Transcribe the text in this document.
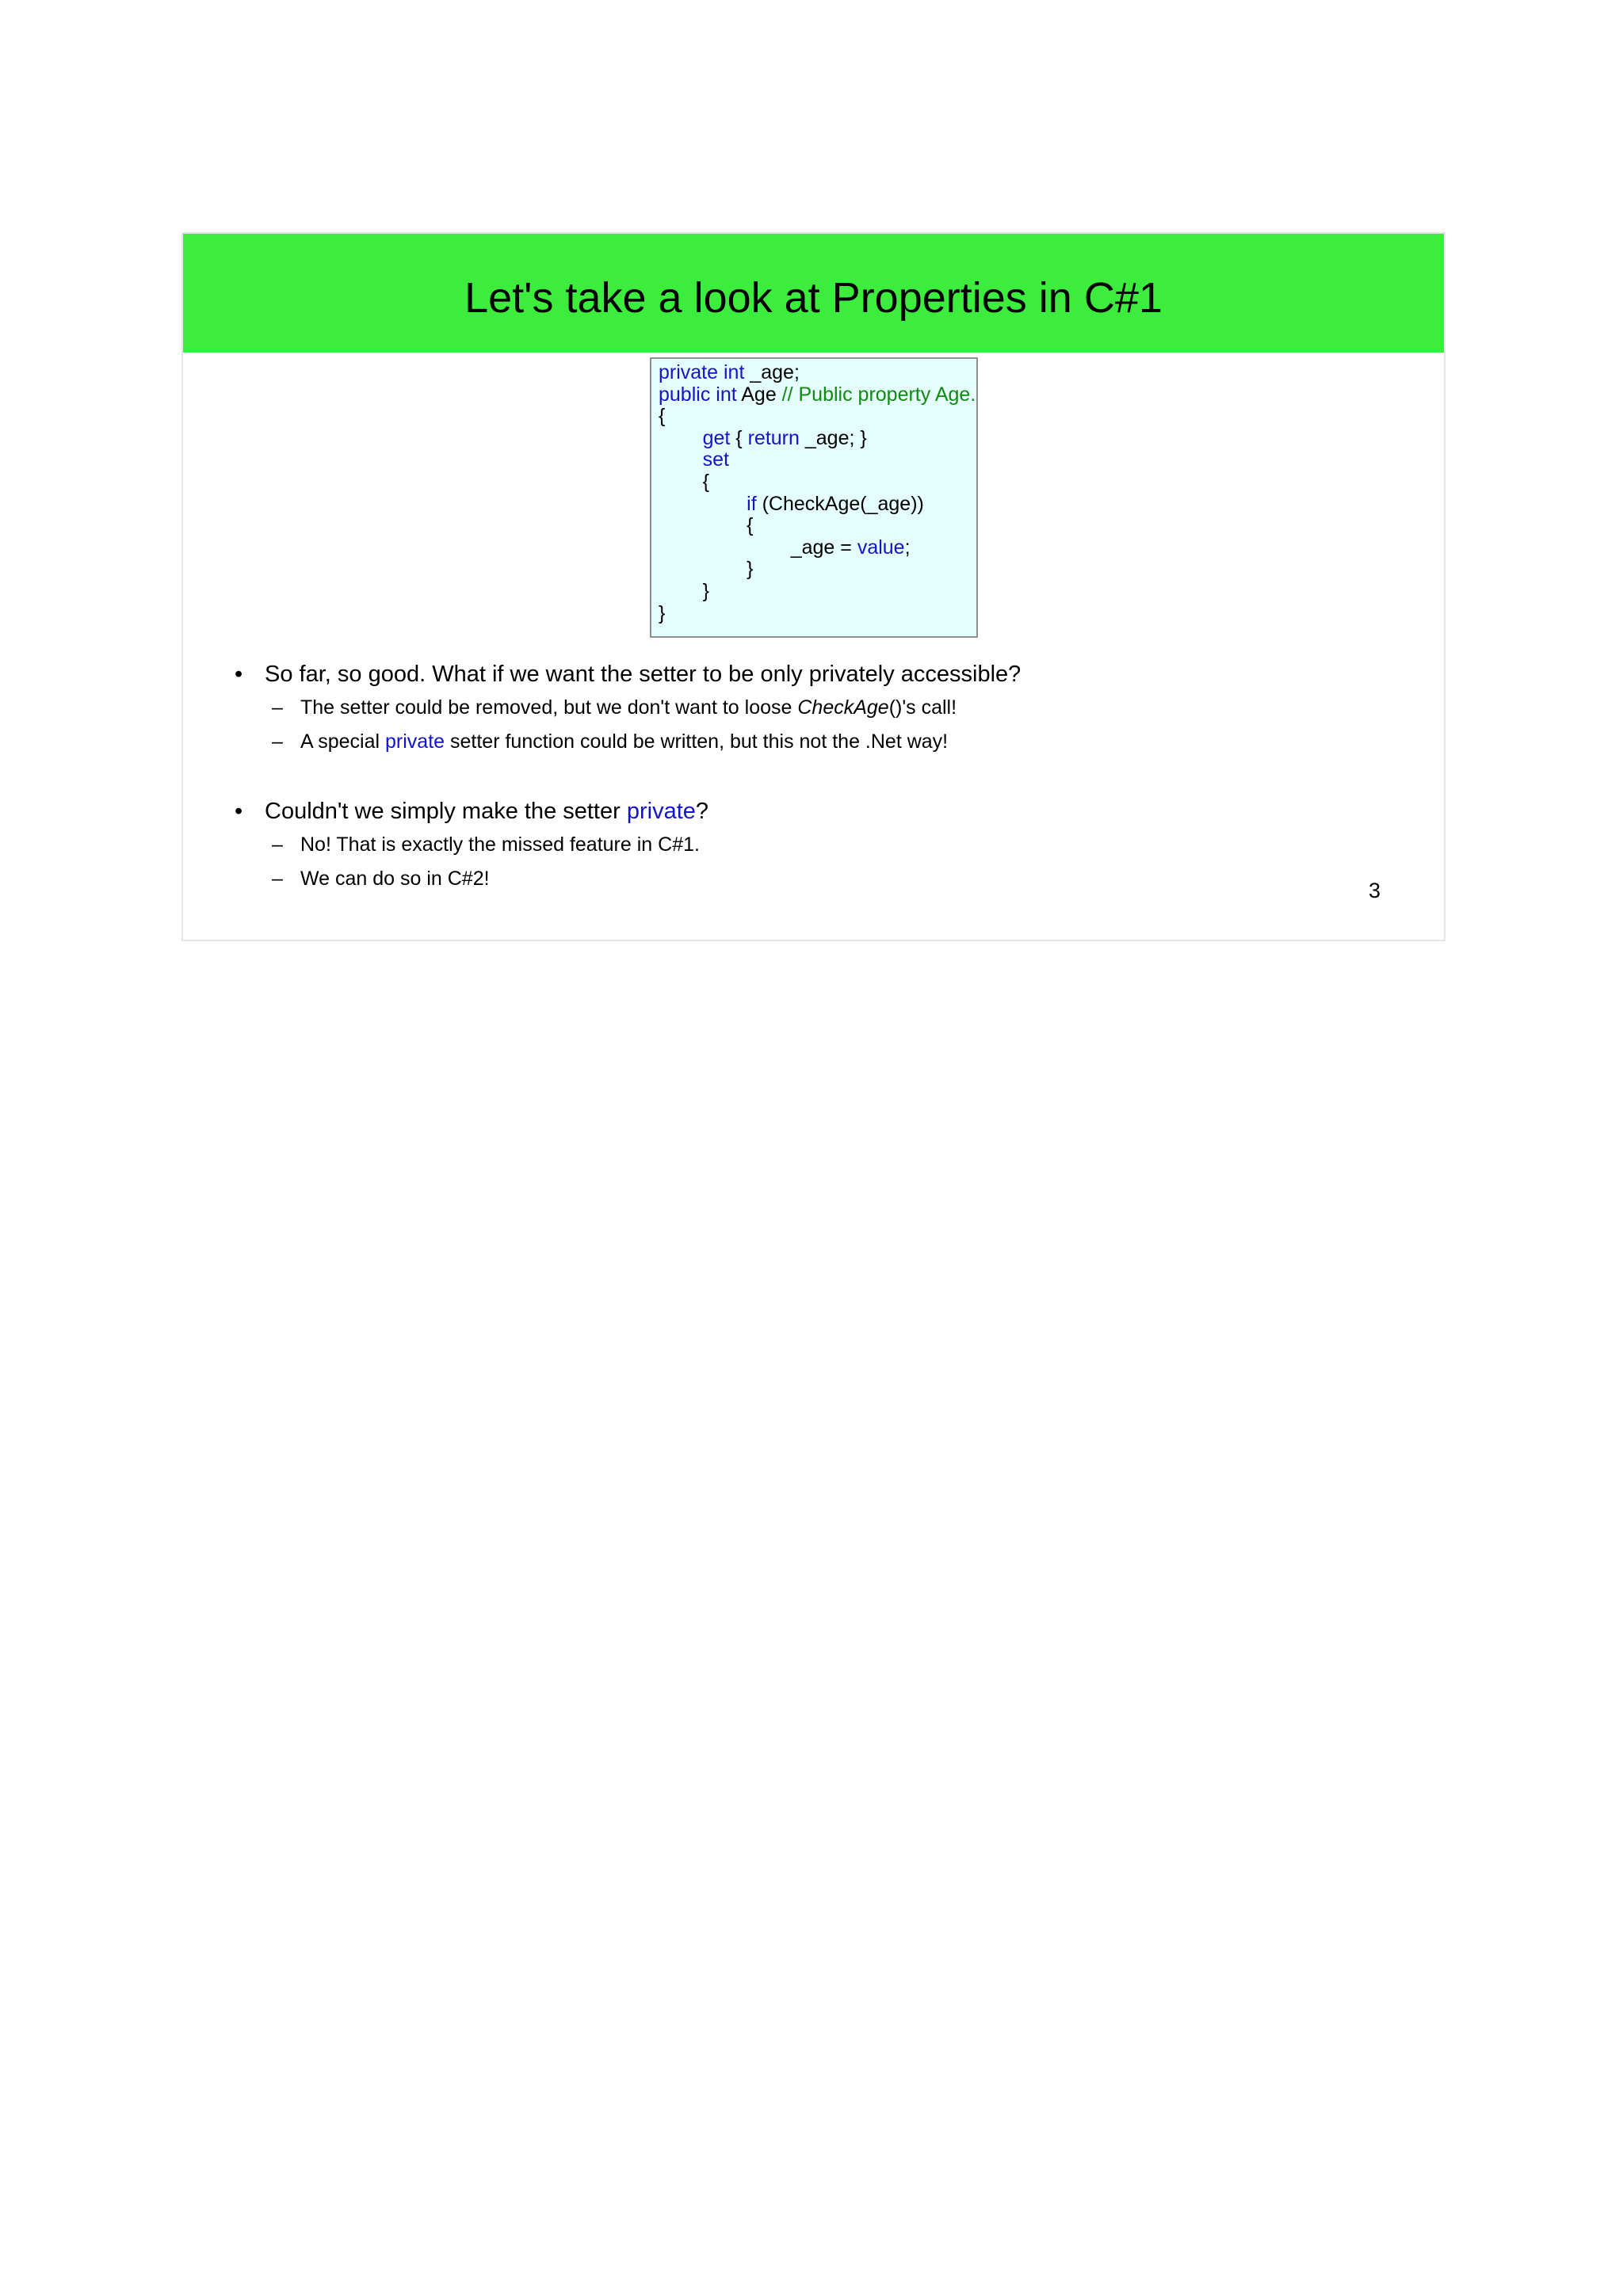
Let's take a look at Properties in C#1
private int _age;
public int Age // Public property Age.
{
	get { return _age; }
	set
	{
		if (CheckAge(_age))
		{
			_age = value;
		}
	}
}
• So far, so good. What if we want the setter to be only privately accessible?
– The setter could be removed, but we don't want to loose CheckAge()'s call!
– A special private setter function could be written, but this not the .Net way!
• Couldn't we simply make the setter private?
– No! That is exactly the missed feature in C#1.
– We can do so in C#2!	3
